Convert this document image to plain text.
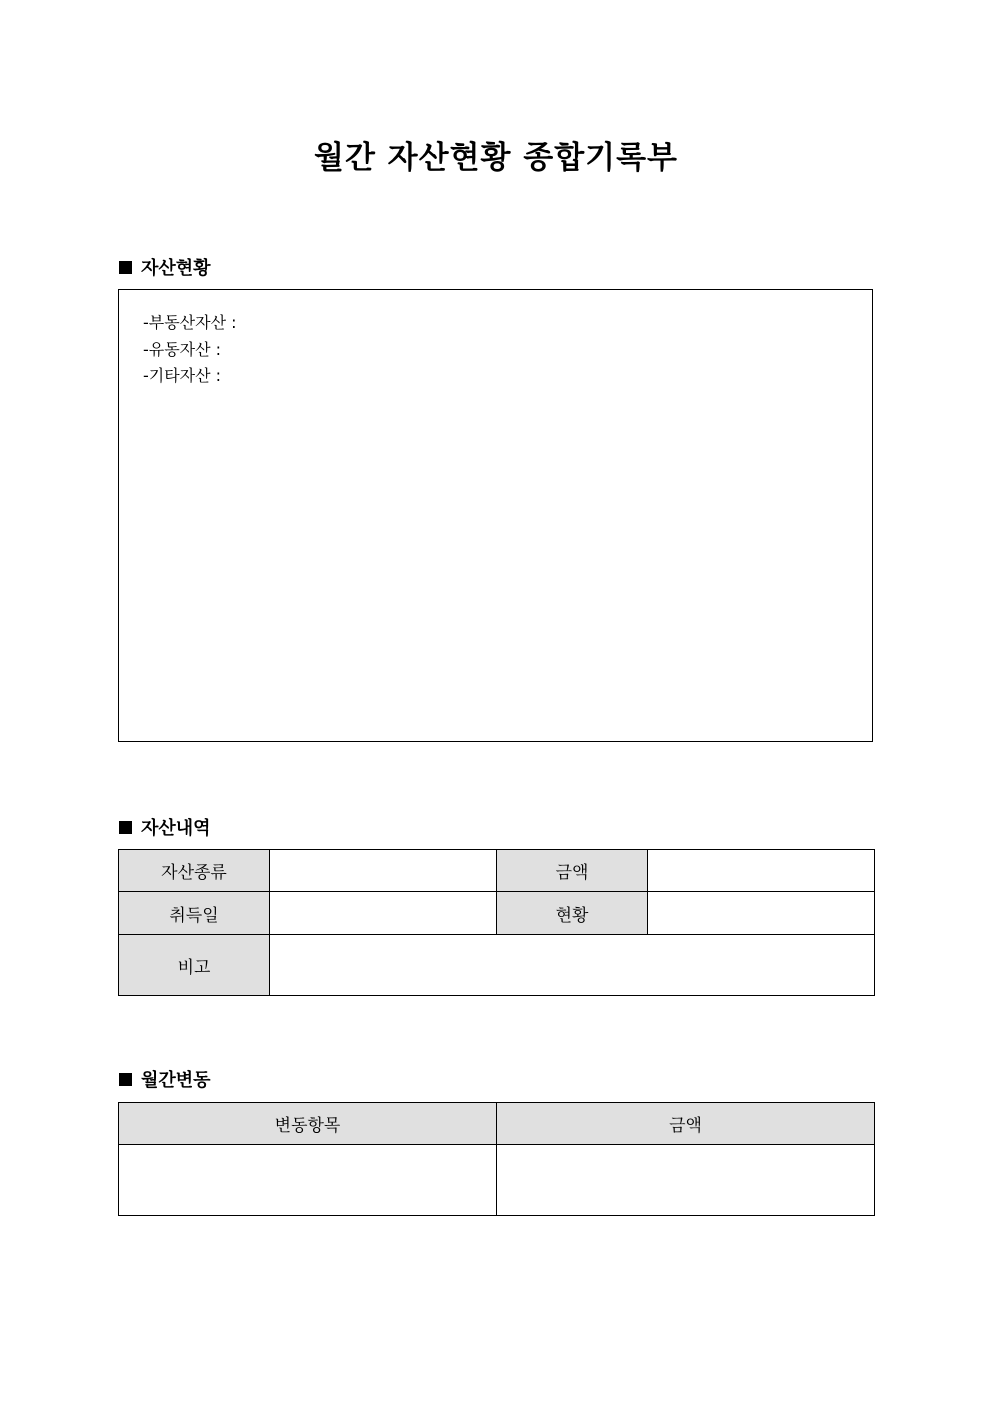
월간 자산현황 종합기록부
자산현황
-부동산자산 :
-유동자산 :
-기타자산 :
자산내역
자산종류		금액	
취득일		현황	
비고			
월간변동
변동항목	금액
